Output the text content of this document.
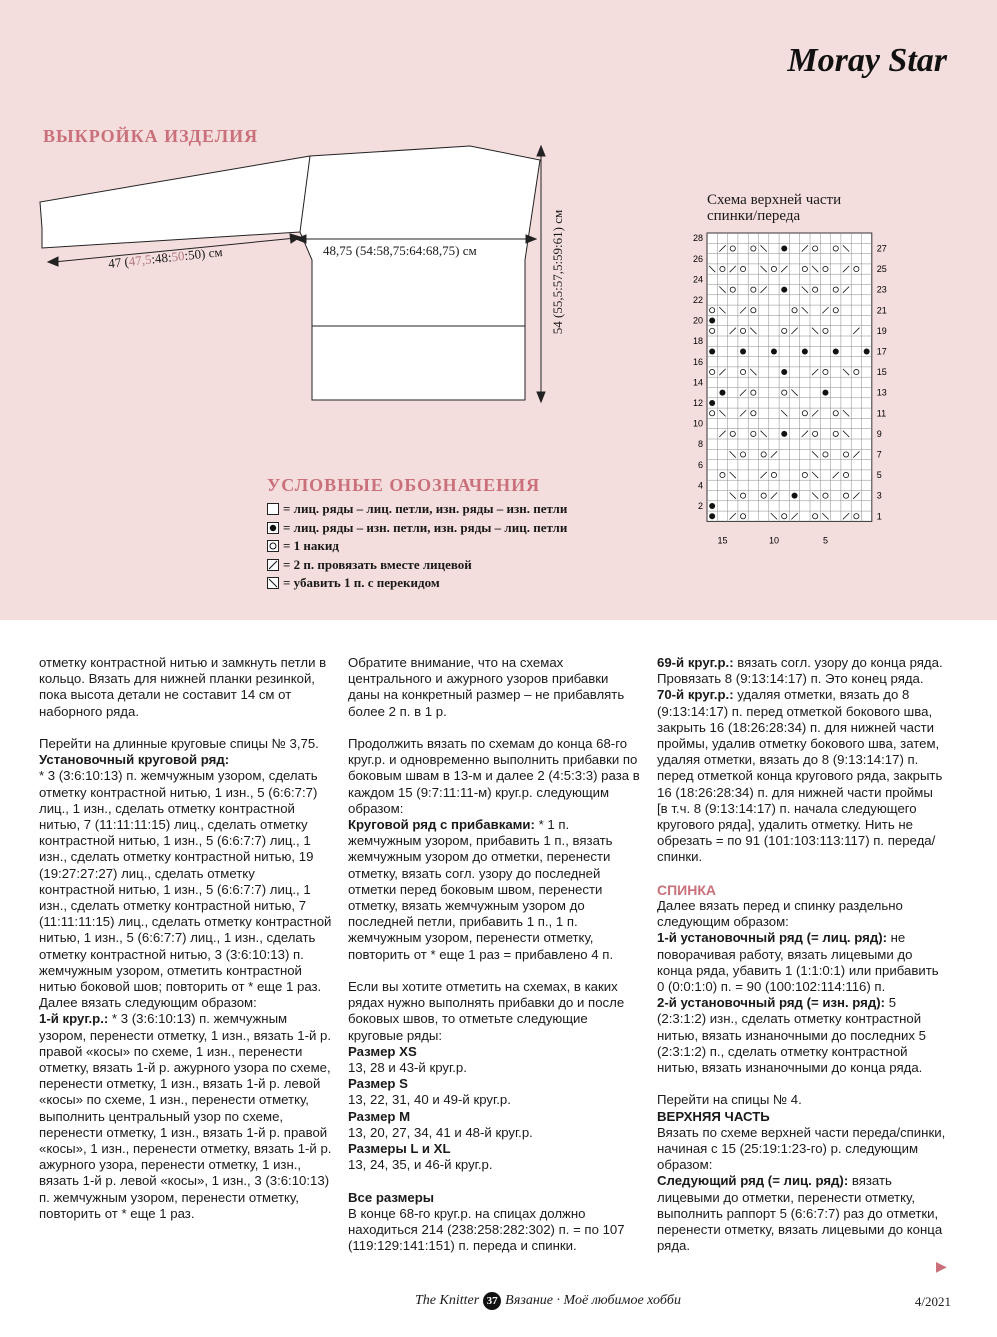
Moray Star
ВЫКРОЙКА ИЗДЕЛИЯ
47 (47,5:48:50:50) см	48,75 (54:58,75:64:68,75) см	54 (55,5:57,5:59:61) см
УСЛОВНЫЕ ОБОЗНАЧЕНИЯ
= лиц. ряды – лиц. петли, изн. ряды – изн. петли
= лиц. ряды – изн. петли, изн. ряды – лиц. петли
= 1 накид
= 2 п. провязать вместе лицевой
= убавить 1 п. с перекидом
Схема верхней части
спинки/переда
28
26
24
22
20
18
16
14
12
10
8
6
4
2
27
25
23
21
19
17
15
13
11
9
7
5
3
1
15	10	5

отметку контрастной нитью и замкнуть петли в кольцо. Вязать для нижней планки резинкой, пока высота детали не составит 14 см от наборного ряда.

Перейти на длинные круговые спицы № 3,75.

Установочный круговой ряд:

* 3 (3:6:10:13) п. жемчужным узором, сделать отметку контрастной нитью, 1 изн., 5 (6:6:7:7) лиц., 1 изн., сделать отметку контрастной нитью, 7 (11:11:11:15) лиц., сделать отметку контрастной нитью, 1 изн., 5 (6:6:7:7) лиц., 1 изн., сделать отметку контрастной нитью, 19 (19:27:27:27) лиц., сделать отметку контрастной нитью, 1 изн., 5 (6:6:7:7) лиц., 1 изн., сделать отметку контрастной нитью, 7 (11:11:11:15) лиц., сделать отметку контрастной нитью, 1 изн., 5 (6:6:7:7) лиц., 1 изн., сделать отметку контрастной нитью, 3 (3:6:10:13) п. жемчужным узором, отметить контрастной нитью боковой шов; повторить от * еще 1 раз.

Далее вязать следующим образом:

1-й круг.р.: * 3 (3:6:10:13) п. жемчужным узором, перенести отметку, 1 изн., вязать 1-й р. правой «косы» по схеме, 1 изн., перенести отметку, вязать 1-й р. ажурного узора по схеме, перенести отметку, 1 изн., вязать 1-й р. левой «косы» по схеме, 1 изн., перенести отметку, выполнить центральный узор по схеме, перенести отметку, 1 изн., вязать 1-й р. правой «косы», 1 изн., перенести отметку, вязать 1-й р. ажурного узора, перенести отметку, 1 изн., вязать 1-й р. левой «косы», 1 изн., 3 (3:6:10:13) п. жемчужным узором, перенести отметку, повторить от * еще 1 раз.

Обратите внимание, что на схемах центрального и ажурного узоров прибавки даны на конкретный размер – не прибавлять более 2 п. в 1 р.

Продолжить вязать по схемам до конца 68-го круг.р. и одновременно выполнить прибавки по боковым швам в 13-м и далее 2 (4:5:3:3) раза в каждом 15 (9:7:11:11-м) круг.р. следующим образом:

Круговой ряд с прибавками: * 1 п. жемчужным узором, прибавить 1 п., вязать жемчужным узором до отметки, перенести отметку, вязать согл. узору до последней отметки перед боковым швом, перенести отметку, вязать жемчужным узором до последней петли, прибавить 1 п., 1 п. жемчужным узором, перенести отметку, повторить от * еще 1 раз = прибавлено 4 п.

Если вы хотите отметить на схемах, в каких рядах нужно выполнять прибавки до и после боковых швов, то отметьте следующие круговые ряды:

Размер XS

13, 28 и 43-й круг.р.

Размер S

13, 22, 31, 40 и 49-й круг.р.

Размер M

13, 20, 27, 34, 41 и 48-й круг.р.

Размеры L и XL

13, 24, 35, и 46-й круг.р.

Все размеры

В конце 68-го круг.р. на спицах должно находиться 214 (238:258:282:302) п. = по 107 (119:129:141:151) п. переда и спинки.

69-й круг.р.: вязать согл. узору до конца ряда. Провязать 8 (9:13:14:17) п. Это конец ряда.

70-й круг.р.: удаляя отметки, вязать до 8 (9:13:14:17) п. перед отметкой бокового шва, закрыть 16 (18:26:28:34) п. для нижней части проймы, удалив отметку бокового шва, затем, удаляя отметки, вязать до 8 (9:13:14:17) п. перед отметкой конца кругового ряда, закрыть 16 (18:26:28:34) п. для нижней части проймы [в т.ч. 8 (9:13:14:17) п. начала следующего кругового ряда], удалить отметку. Нить не обрезать = по 91 (101:103:113:117) п. переда/спинки.

СПИНКА

Далее вязать перед и спинку раздельно следующим образом:

1-й установочный ряд (= лиц. ряд): не поворачивая работу, вязать лицевыми до конца ряда, убавить 1 (1:1:0:1) или прибавить 0 (0:0:1:0) п. = 90 (100:102:114:116) п.

2-й установочный ряд (= изн. ряд): 5 (2:3:1:2) изн., сделать отметку контрастной нитью, вязать изнаночными до последних 5 (2:3:1:2) п., сделать отметку контрастной нитью, вязать изнаночными до конца ряда.

Перейти на спицы № 4.

ВЕРХНЯЯ ЧАСТЬ

Вязать по схеме верхней части переда/спинки, начиная с 15 (25:19:1:23-го) р. следующим образом:

Следующий ряд (= лиц. ряд): вязать лицевыми до отметки, перенести отметку, выполнить раппорт 5 (6:6:7:7) раз до отметки, перенести отметку, вязать лицевыми до конца ряда.

▶
The Knitter 37 Вязание · Моё любимое хобби	4/2021
